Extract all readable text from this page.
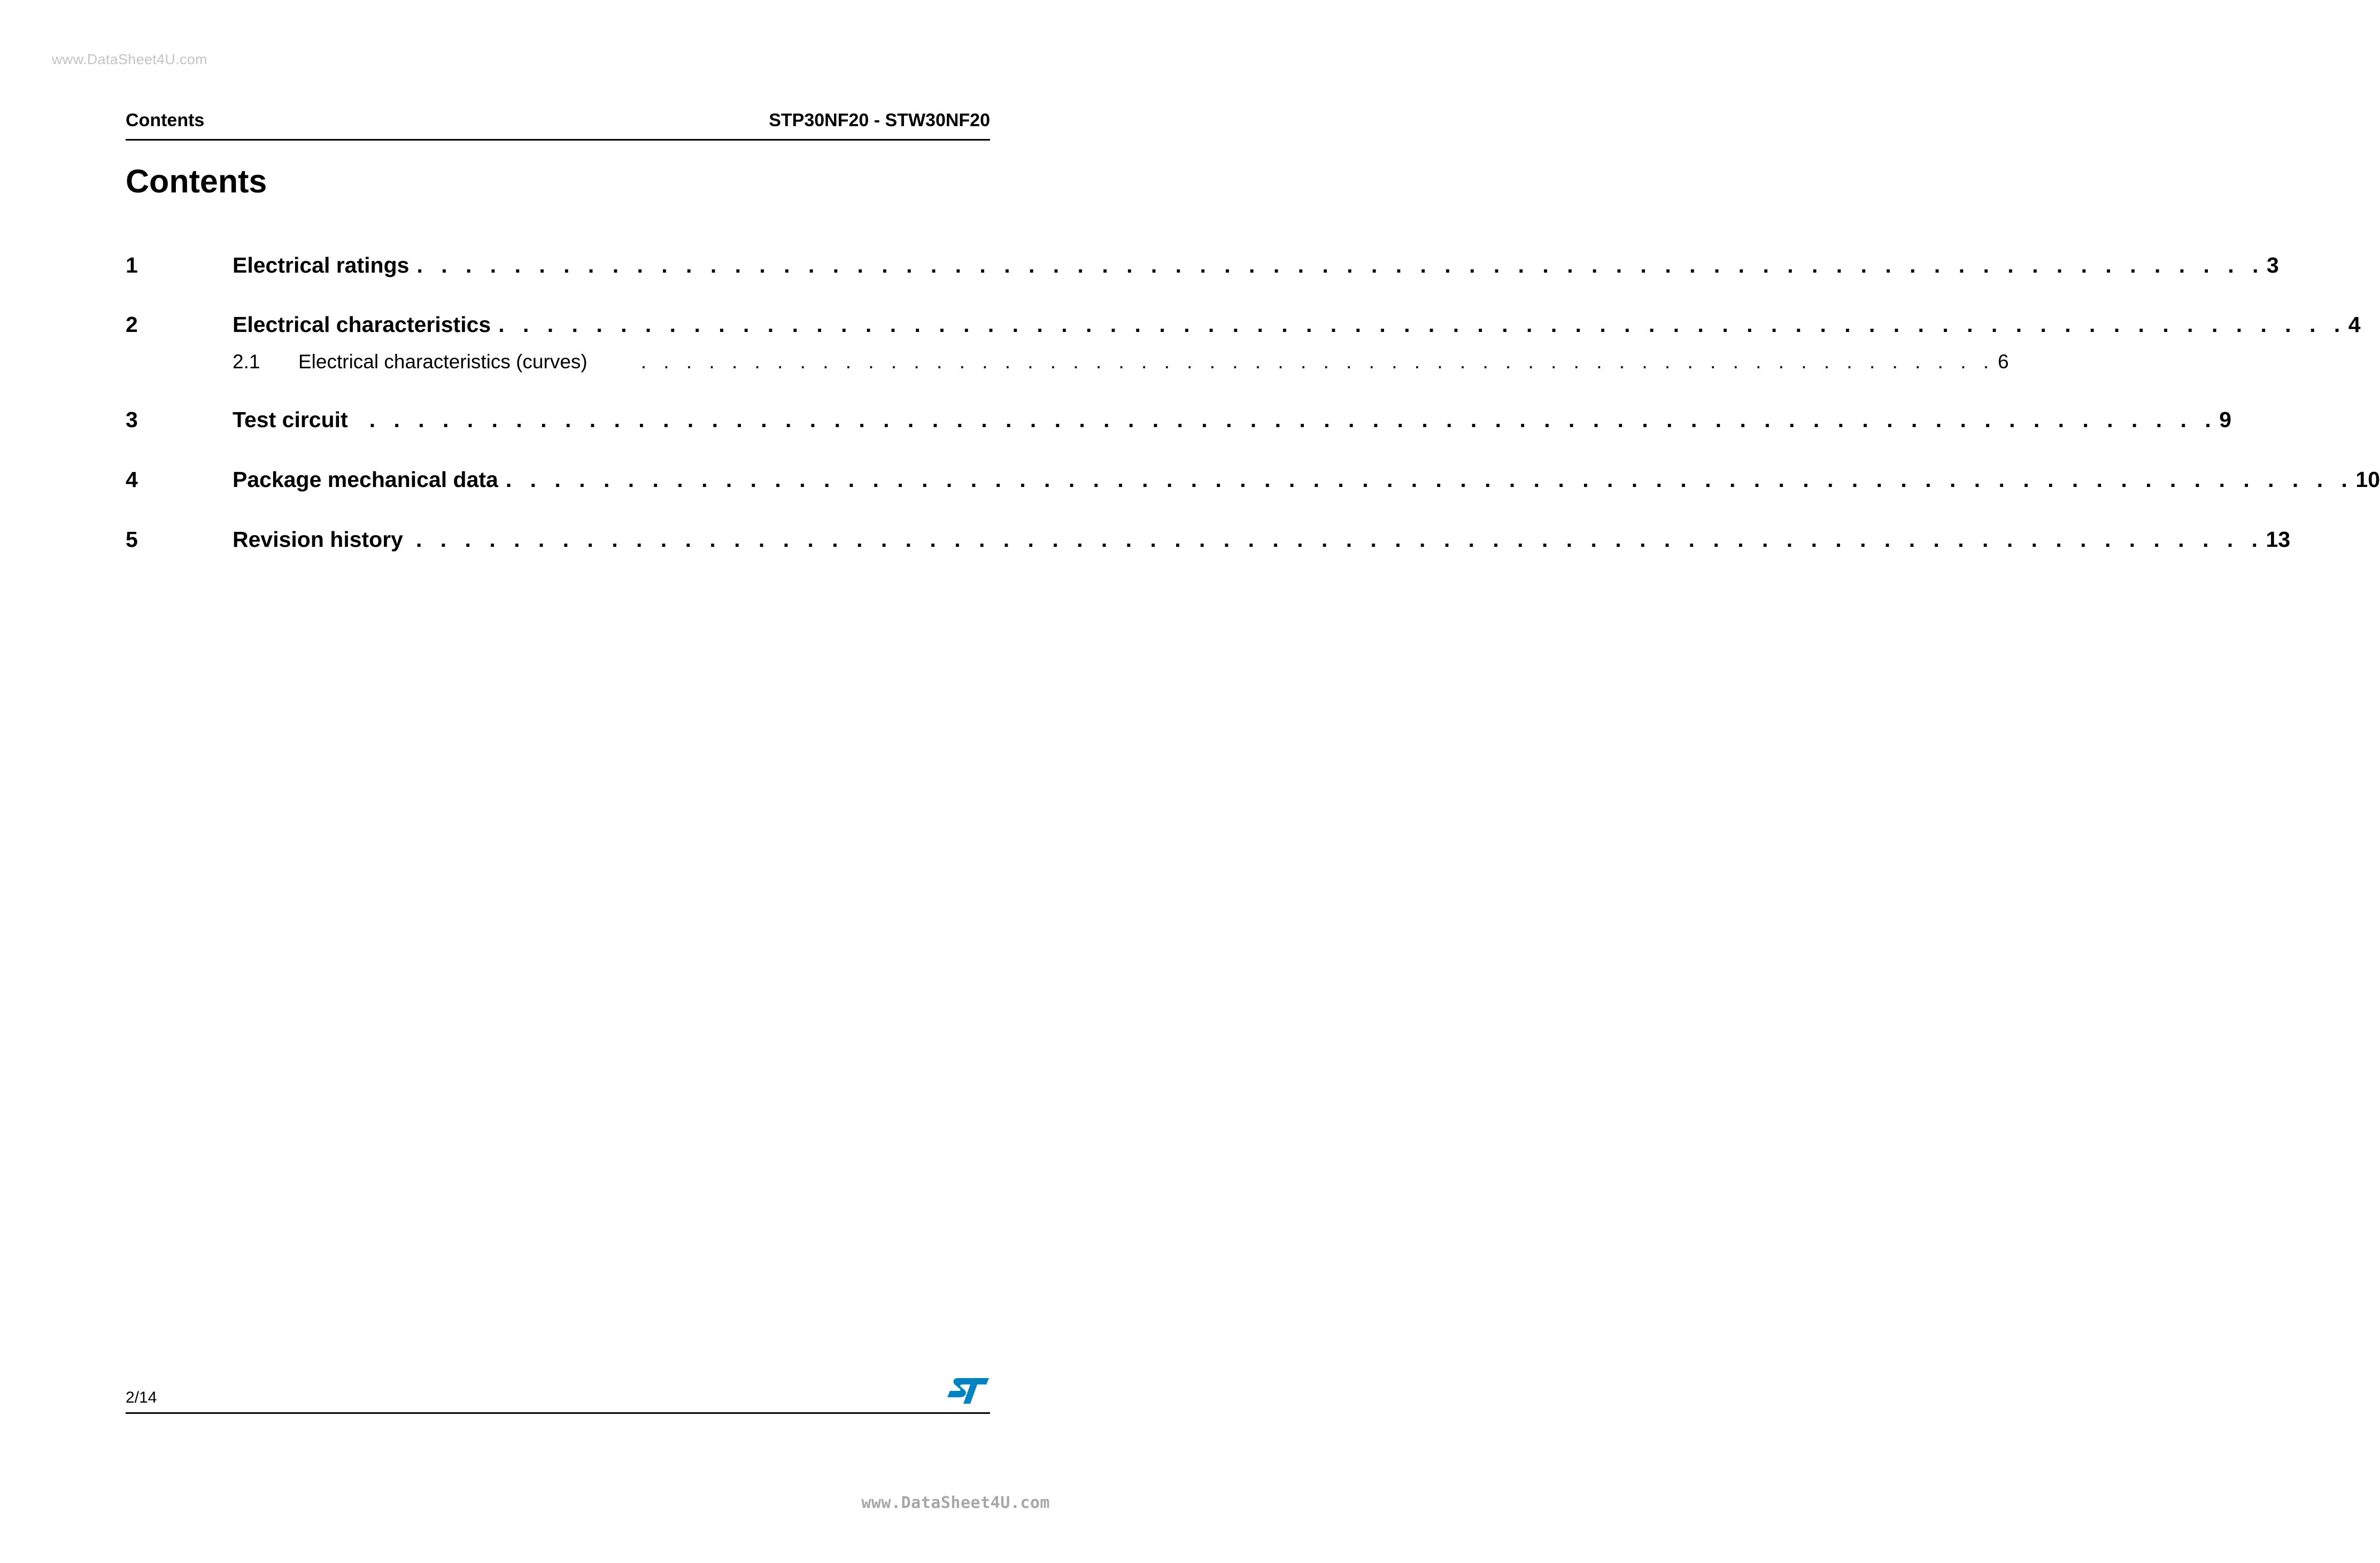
www.DataSheet4U.com
Contents	STP30NF20 - STW30NF20
Contents
1	Electrical ratings . . . . . . . . . . . . . . . . . . . . . . . . . . . . . . . . . . . . . . . . . . . . . . . . . . . . . . . . . . . . . . . . . . . . . . . . . . . . 3
2	Electrical characteristics . . . . . . . . . . . . . . . . . . . . . . . . . . . . . . . . . . . . . . . . . . . . . . . . . . . . . . . . . . . . . . . . . . . . . . . . . . . . 4
2.1 Electrical characteristics (curves)	. . . . . . . . . . . . . . . . . . . . . . . . . . . . . . . . . . . . . . . . . . . . . . . . . . . . . . . . . . . . 6
3	Test circuit . . . . . . . . . . . . . . . . . . . . . . . . . . . . . . . . . . . . . . . . . . . . . . . . . . . . . . . . . . . . . . . . . . . . . . . . . . . . 9
4	Package mechanical data . . . . . . . . . . . . . . . . . . . . . . . . . . . . . . . . . . . . . . . . . . . . . . . . . . . . . . . . . . . . . . . . . . . . . . . . . . . . 10
5	Revision history . . . . . . . . . . . . . . . . . . . . . . . . . . . . . . . . . . . . . . . . . . . . . . . . . . . . . . . . . . . . . . . . . . . . . . . . . . . . 13
2/14
www.DataSheet4U.com
